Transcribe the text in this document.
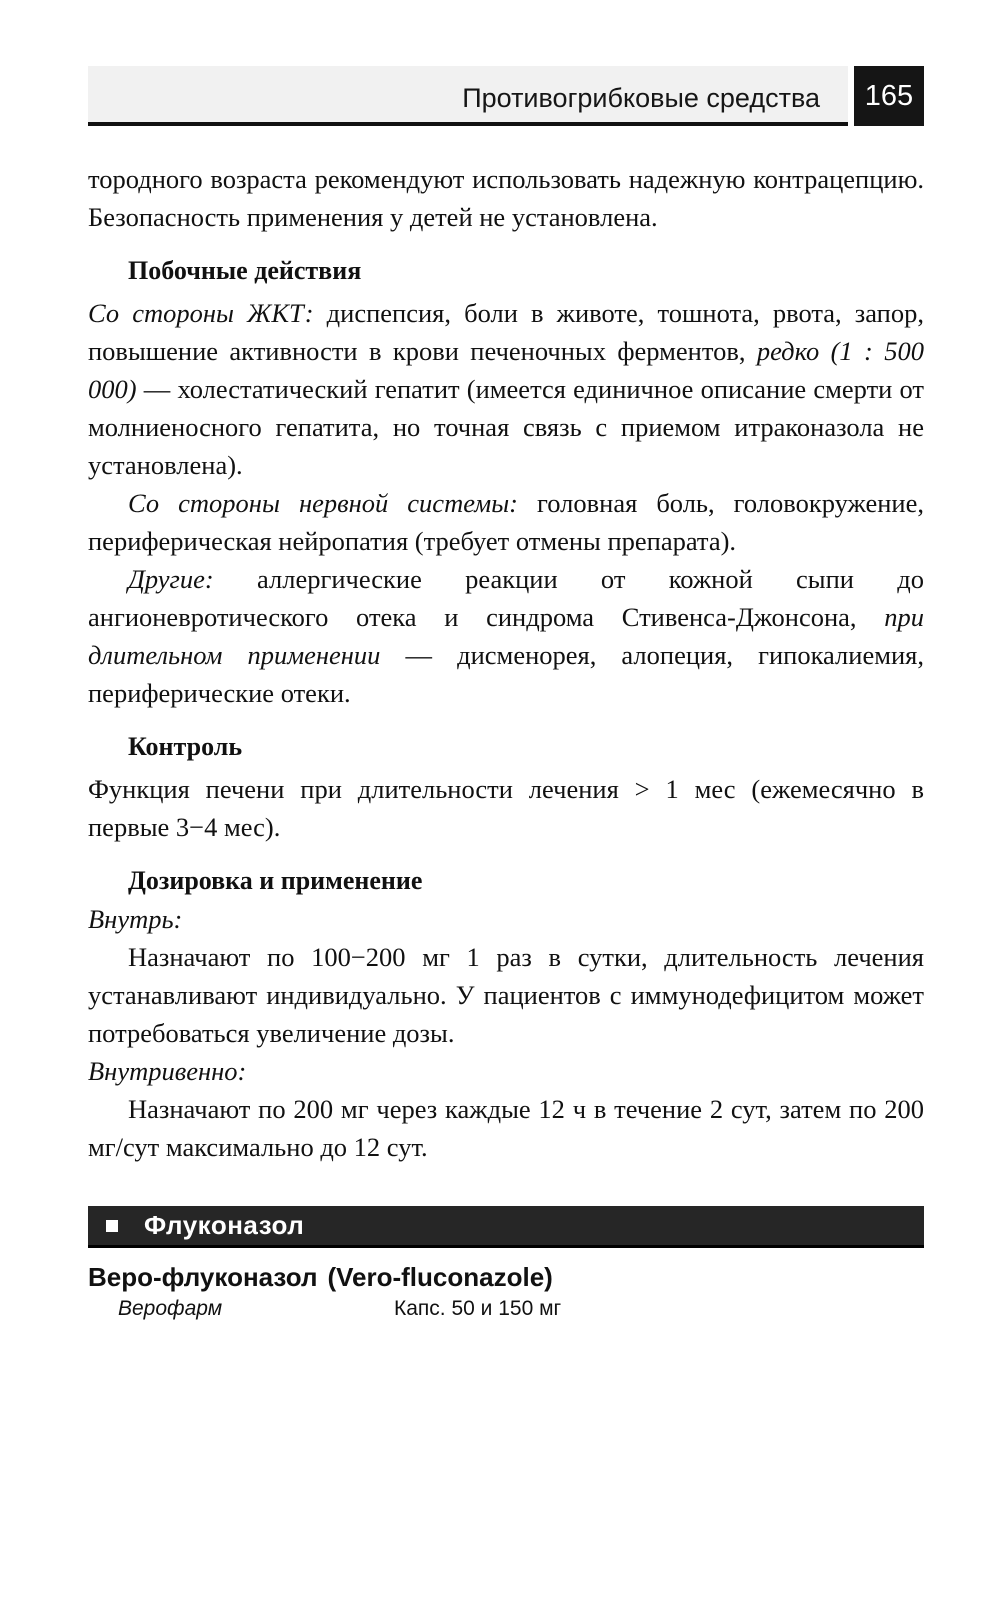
Противогрибковые средства	165

тородного возраста рекомендуют использовать надежную контрацепцию. Безопасность применения у детей не установлена.

Побочные действия

Со стороны ЖКТ: диспепсия, боли в животе, тошнота, рвота, запор, повышение активности в крови печеночных ферментов, редко (1 : 500 000) — холестатический гепатит (имеется единичное описание смерти от молниеносного гепатита, но точная связь с приемом итраконазола не установлена).

Со стороны нервной системы: головная боль, головокружение, периферическая нейропатия (требует отмены препарата).

Другие: аллергические реакции от кожной сыпи до ангионевротического отека и синдрома Стивенса-Джонсона, при длительном применении — дисменорея, алопеция, гипокалиемия, периферические отеки.

Контроль

Функция печени при длительности лечения > 1 мес (ежемесячно в первые 3−4 мес).

Дозировка и применение

Внутрь:

Назначают по 100−200 мг 1 раз в сутки, длительность лечения устанавливают индивидуально. У пациентов с иммунодефицитом может потребоваться увеличение дозы.

Внутривенно:

Назначают по 200 мг через каждые 12 ч в течение 2 сут, затем по 200 мг/сут максимально до 12 сут.

Флуконазол
Веро-флуконазол (Vero-fluconazole)
Верофарм	Капс. 50 и 150 мг
